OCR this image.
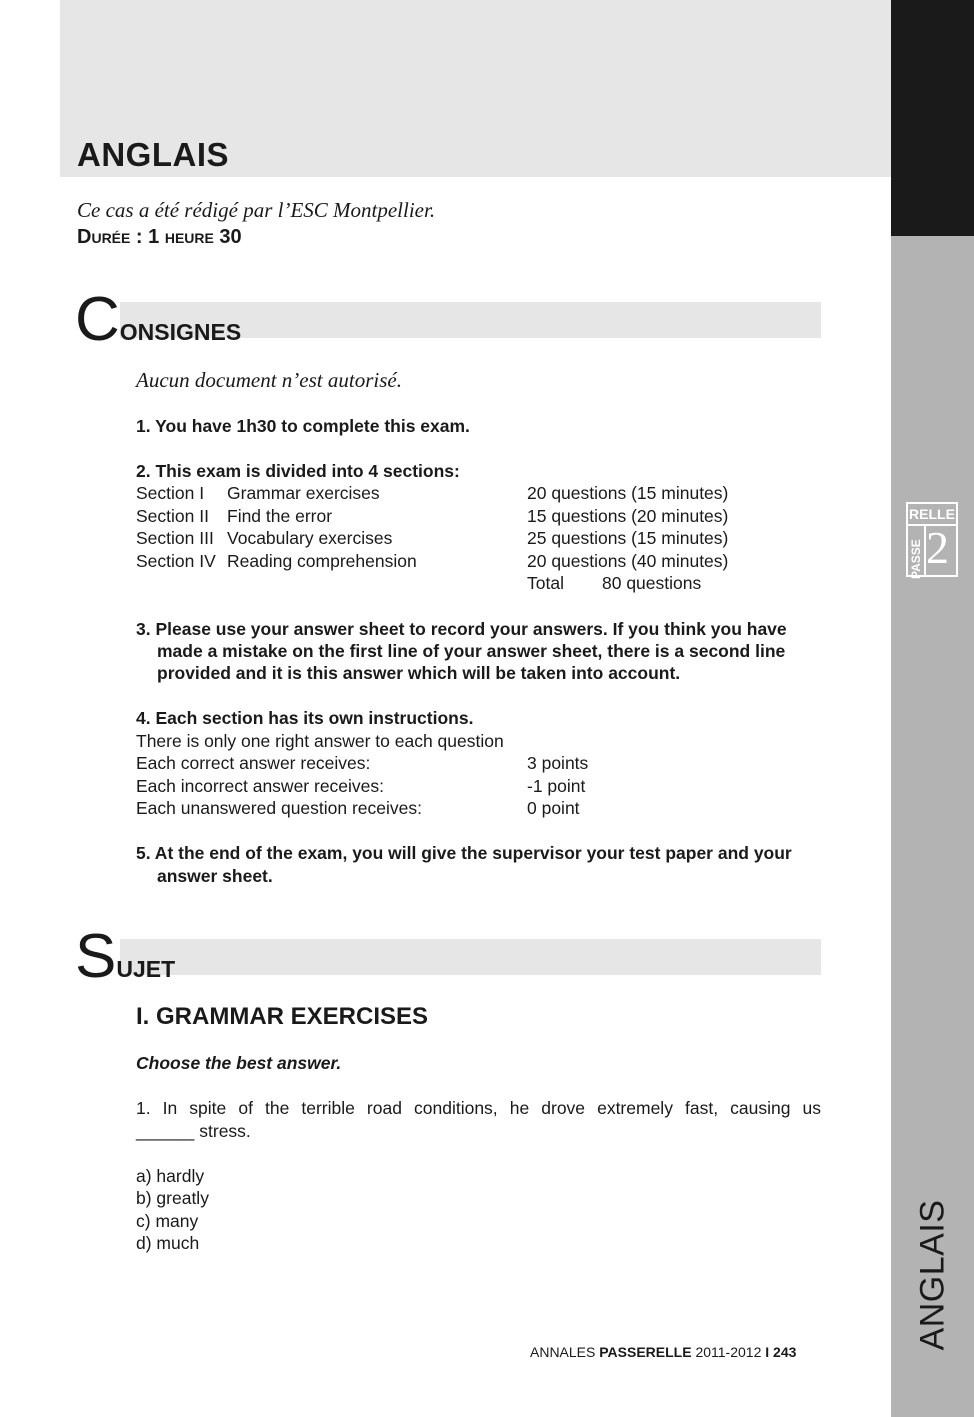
ANGLAIS
Ce cas a été rédigé par l’ESC Montpellier.
DURÉE : 1 HEURE 30
RELLE
PASSE 2
ANGLAIS
CONSIGNES
Aucun document n’est autorisé.
1. You have 1h30 to complete this exam.
2. This exam is divided into 4 sections:
Section I Grammar exercises	20 questions (15 minutes)
Section II Find the error	15 questions (20 minutes)
Section III Vocabulary exercises	25 questions (15 minutes)
Section IV Reading comprehension	20 questions (40 minutes)
Total 80 questions
3. Please use your answer sheet to record your answers. If you think you have
made a mistake on the first line of your answer sheet, there is a second line
provided and it is this answer which will be taken into account.
4. Each section has its own instructions.
There is only one right answer to each question
Each correct answer receives:	3 points
Each incorrect answer receives:	-1 point
Each unanswered question receives:	0 point
5. At the end of the exam, you will give the supervisor your test paper and your
answer sheet.
SUJET
I. GRAMMAR EXERCISES
Choose the best answer.
1. In spite of the terrible road conditions, he drove extremely fast, causing us
______ stress.
a) hardly
b) greatly
c) many
d) much
ANNALES PASSERELLE 2011-2012 I 243
